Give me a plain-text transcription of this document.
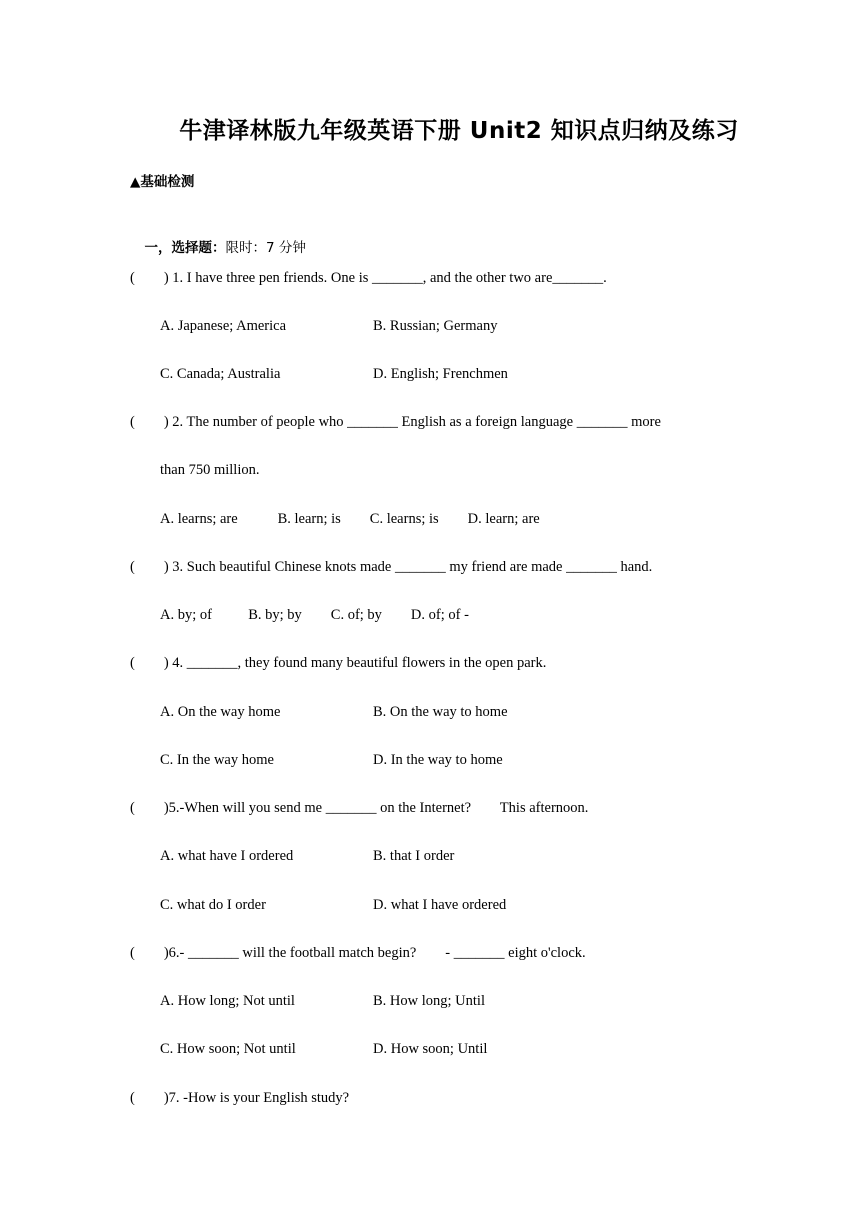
牛津译林版九年级英语下册 Unit2 知识点归纳及练习
▲基础检测

一，选择题：限时：7 分钟

(        ) 1. I have three pen friends. One is _______, and the other two are_______.
A. Japanese; America	B. Russian; Germany
C. Canada; Australia	D. English; Frenchmen
(        ) 2. The number of people who _______ English as a foreign language _______ more
than 750 million.
A. learns; are           B. learn; is        C. learns; is        D. learn; are
(        ) 3. Such beautiful Chinese knots made _______ my friend are made _______ hand.
A. by; of          B. by; by        C. of; by        D. of; of -
(        ) 4. _______, they found many beautiful flowers in the open park.
A. On the way home	B. On the way to home
C. In the way home	D. In the way to home
(        )5.-When will you send me _______ on the Internet?        This afternoon.
A. what have I ordered	B. that I order
C. what do I order	D. what I have ordered
(        )6.- _______ will the football match begin?        - _______ eight o'clock.
A. How long; Not until	B. How long; Until
C. How soon; Not until	D. How soon; Until
(        )7. -How is your English study?
